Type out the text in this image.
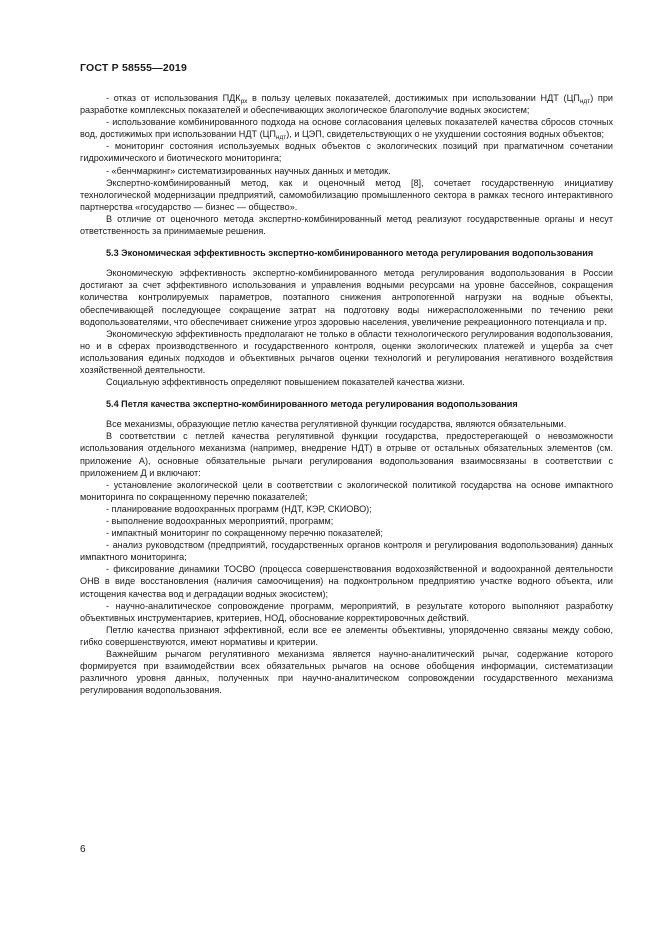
ГОСТ Р 58555—2019

- отказ от использования $ПДК_{рх}$ в пользу целевых показателей, достижимых при использовании НДТ $(ЦП_{ндт})$ при разработке комплексных показателей и обеспечивающих экологическое благополучие водных экосистем;

- использование комбинированного подхода на основе согласования целевых показателей качества сбросов сточных вод, достижимых при использовании НДТ $(ЦП_{ндт})$, и ЦЭП, свидетельствующих о не ухудшении состояния водных объектов;

- мониторинг состояния используемых водных объектов с экологических позиций при прагматичном сочетании гидрохимического и биотического мониторинга;

- «бенчмаркинг» систематизированных научных данных и методик.

Экспертно-комбинированный метод, как и оценочный метод [8], сочетает государственную инициативу технологической модернизации предприятий, самомобилизацию промышленного сектора в рамках тесного интерактивного партнерства «государство — бизнес — общество».

В отличие от оценочного метода экспертно-комбинированный метод реализуют государственные органы и несут ответственность за принимаемые решения.

5.3 Экономическая эффективность экспертно-комбинированного метода регулирования водопользования

Экономическую эффективность экспертно-комбинированного метода регулирования водопользования в России достигают за счет эффективного использования и управления водными ресурсами на уровне бассейнов, сокращения количества контролируемых параметров, поэтапного снижения антропогенной нагрузки на водные объекты, обеспечивающей последующее сокращение затрат на подготовку воды нижерасположенными по течению реки водопользователями, что обеспечивает снижение угроз здоровью населения, увеличение рекреационного потенциала и пр.

Экономическую эффективность предполагают не только в области технологического регулирования водопользования, но и в сферах производственного и государственного контроля, оценки экологических платежей и ущерба за счет использования единых подходов и объективных рычагов оценки технологий и регулирования негативного воздействия хозяйственной деятельности.

Социальную эффективность определяют повышением показателей качества жизни.

5.4 Петля качества экспертно-комбинированного метода регулирования водопользования

Все механизмы, образующие петлю качества регулятивной функции государства, являются обязательными.

В соответствии с петлей качества регулятивной функции государства, предостерегающей о невозможности использования отдельного механизма (например, внедрение НДТ) в отрыве от остальных обязательных элементов (см. приложение А), основные обязательные рычаги регулирования водопользования взаимосвязаны в соответствии с приложением Д и включают:

- установление экологической цели в соответствии с экологической политикой государства на основе импактного мониторинга по сокращенному перечню показателей;

- планирование водоохранных программ (НДТ, КЭР, СКИОВО);

- выполнение водоохранных мероприятий, программ;

- импактный мониторинг по сокращенному перечню показателей;

- анализ руководством (предприятий, государственных органов контроля и регулирования водопользования) данных импактного мониторинга;

- фиксирование динамики ТОСВО (процесса совершенствования водохозяйственной и водоохранной деятельности ОНВ в виде восстановления (наличия самоочищения) на подконтрольном предприятию участке водного объекта, или истощения качества вод и деградации водных экосистем);

- научно-аналитическое сопровождение программ, мероприятий, в результате которого выполняют разработку объективных инструментариев, критериев, НОД, обоснование корректировочных действий.

Петлю качества признают эффективной, если все ее элементы объективны, упорядоченно связаны между собою, гибко совершенствуются, имеют нормативы и критерии.

Важнейшим рычагом регулятивного механизма является научно-аналитический рычаг, содержание которого формируется при взаимодействии всех обязательных рычагов на основе обобщения информации, систематизации различного уровня данных, полученных при научно-аналитическом сопровождении государственного механизма регулирования водопользования.

6
